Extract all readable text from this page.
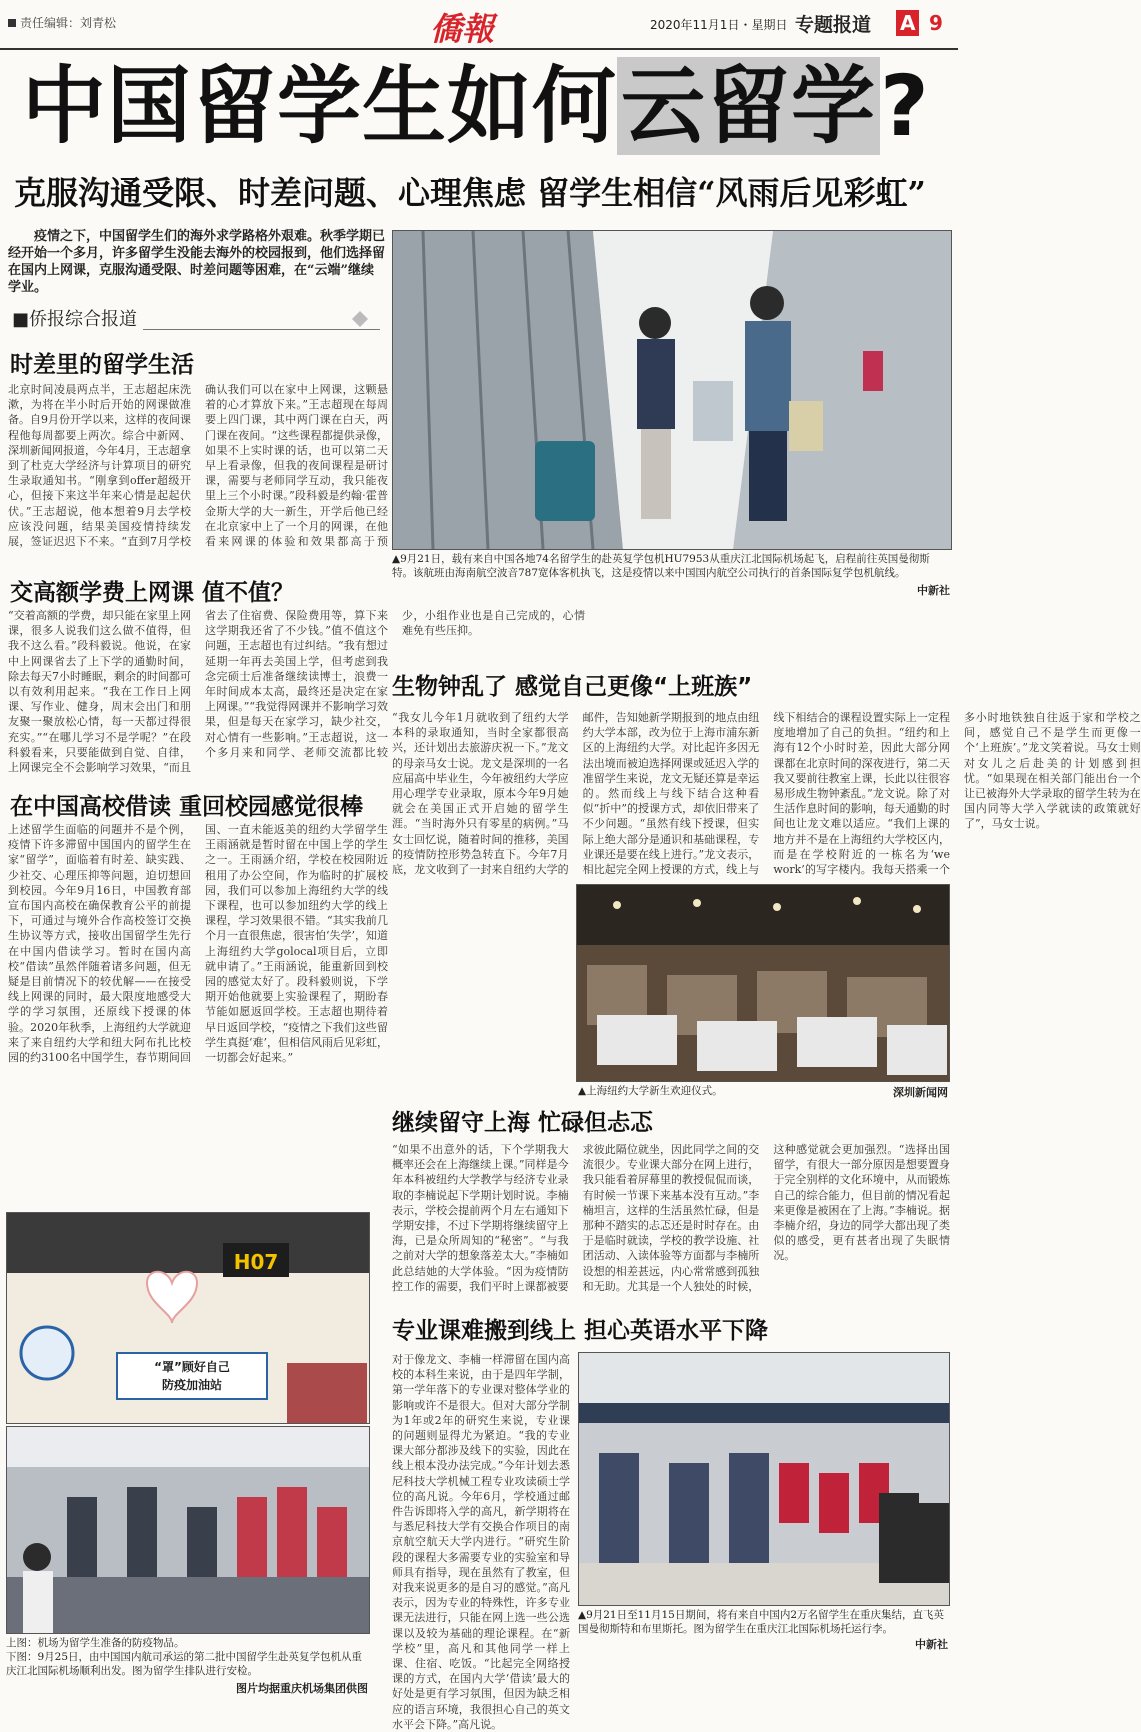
责任编辑：刘青松	僑報	2020年11月1日・星期日 专题报道 A 9
中国留学生如何云留学?
克服沟通受限、时差问题、心理焦虑 留学生相信“风雨后见彩虹”
疫情之下，中国留学生们的海外求学路格外艰难。秋季学期已经开始一个多月，许多留学生没能去海外的校园报到，他们选择留在国内上网课，克服沟通受限、时差问题等困难，在“云端”继续学业。
■侨报综合报道
时差里的留学生活
北京时间凌晨两点半，王志超起床洗漱，为将在半小时后开始的网课做准备。自9月份开学以来，这样的夜间课程他每周都要上两次。综合中新网、深圳新闻网报道，今年4月，王志超拿到了杜克大学经济与计算项目的研究生录取通知书。“刚拿到offer超级开心，但接下来这半年来心情是起起伏伏。”王志超说，他本想着9月去学校应该没问题，结果美国疫情持续发展，签证迟迟下不来。“直到7月学校确认我们可以在家中上网课，这颗悬着的心才算放下来。”王志超现在每周要上四门课，其中两门课在白天，两门课在夜间。“这些课程都提供录像，如果不上实时课的话，也可以第二天早上看录像，但我的夜间课程是研讨课，需要与老师同学互动，我只能夜里上三个小时课。”段科毅是约翰·霍普金斯大学的大一新生，开学后他已经在北京家中上了一个月的网课，在他看来网课的体验和效果都高于预
交高额学费上网课 值不值？
“交着高额的学费，却只能在家里上网课，很多人说我们这么做不值得，但我不这么看。”段科毅说。他说，在家中上网课省去了上下学的通勤时间，除去每天7小时睡眠，剩余的时间都可以有效利用起来。“我在工作日上网课、写作业、健身，周末会出门和朋友聚一聚放松心情，每一天都过得很充实。”“在哪儿学习不是学呢？”在段科毅看来，只要能做到自觉、自律，上网课完全不会影响学习效果，“而且省去了住宿费、保险费用等，算下来这学期我还省了不少钱。”值不值这个问题，王志超也有过纠结。“我有想过延期一年再去美国上学，但考虑到我念完硕士后准备继续读博士，浪费一年时间成本太高，最终还是决定在家上网课。”“我觉得网课并不影响学习效果，但是每天在家学习，缺少社交，对心情有一些影响。”王志超说，这一个多月来和同学、老师交流都比较少，小组作业也是自己完成的，心情难免有些压抑。
在中国高校借读 重回校园感觉很棒
上述留学生面临的问题并不是个例，疫情下许多滞留中国国内的留学生在家“留学”，面临着有时差、缺实践、少社交、心理压抑等问题，迫切想回到校园。今年9月16日，中国教育部宣布国内高校在确保教育公平的前提下，可通过与境外合作高校签订交换生协议等方式，接收出国留学生先行在中国内借读学习。暂时在国内高校“借读”虽然伴随着诸多问题，但无疑是目前情况下的较优解——在接受线上网课的同时，最大限度地感受大学的学习氛围，还原线下授课的体验。2020年秋季，上海纽约大学就迎来了来自纽约大学和纽大阿布扎比校园的约3100名中国学生，春节期间回国、一直未能返美的纽约大学留学生王雨涵就是暂时留在中国上学的学生之一。王雨涵介绍，学校在校园附近租用了办公空间，作为临时的扩展校园，我们可以参加上海纽约大学的线下课程，也可以参加纽约大学的线上课程，学习效果很不错。“其实我前几个月一直很焦虑，很害怕‘失学’，知道上海纽约大学golocal项目后，立即就申请了。”王雨涵说，能重新回到校园的感觉太好了。段科毅则说，下学期开始他就要上实验课程了，期盼春节能如愿返回学校。王志超也期待着早日返回学校，“疫情之下我们这些留学生真挺‘难’，但相信风雨后见彩虹，一切都会好起来。”
▲9月21日，载有来自中国各地74名留学生的赴英复学包机HU7953从重庆江北国际机场起飞，启程前往英国曼彻斯特。该航班由海南航空波音787宽体客机执飞，这是疫情以来中国国内航空公司执行的首条国际复学包机航线。
中新社
生物钟乱了 感觉自己更像“上班族”
“我女儿今年1月就收到了纽约大学本科的录取通知，当时全家都很高兴，还计划出去旅游庆祝一下。”龙文的母亲马女士说。龙文是深圳的一名应届高中毕业生，今年被纽约大学应用心理学专业录取，原本今年9月她就会在美国正式开启她的留学生涯。“当时海外只有零星的病例。”马女士回忆说，随着时间的推移，美国的疫情防控形势急转直下。今年7月底，龙文收到了一封来自纽约大学的邮件，告知她新学期报到的地点由纽约大学本部，改为位于上海市浦东新区的上海纽约大学。对比起许多因无法出境而被迫选择网课或延迟入学的准留学生来说，龙文无疑还算是幸运的。然而线上与线下结合这种看似“折中”的授课方式，却依旧带来了不少问题。“虽然有线下授课，但实际上绝大部分是通识和基础课程，专业课还是要在线上进行。”龙文表示，相比起完全网上授课的方式，线上与线下相结合的课程设置实际上一定程度地增加了自己的负担。“纽约和上海有12个小时时差，因此大部分网课都在北京时间的深夜进行，第二天我又要前往教室上课，长此以往很容易形成生物钟紊乱。”龙文说。除了对生活作息时间的影响，每天通勤的时间也让龙文难以适应。“我们上课的地方并不是在上海纽约大学校区内，而是在学校附近的一栋名为‘we work’的写字楼内。我每天搭乘一个多小时地铁独自往返于家和学校之间，感觉自己不是学生而更像一个‘上班族’。”龙文笑着说。马女士则对女儿之后赴美的计划感到担忧。“如果现在相关部门能出台一个让已被海外大学录取的留学生转为在国内同等大学入学就读的政策就好了”，马女士说。
▲上海纽约大学新生欢迎仪式。	深圳新闻网
继续留守上海 忙碌但忐忑
“如果不出意外的话，下个学期我大概率还会在上海继续上课。”同样是今年本科被纽约大学教学与经济专业录取的李楠说起下学期计划时说。李楠表示，学校会提前两个月左右通知下学期安排，不过下学期将继续留守上海，已是众所周知的“秘密”。“与我之前对大学的想象落差太大。”李楠如此总结她的大学体验。“因为疫情防控工作的需要，我们平时上课都被要求彼此隔位就坐，因此同学之间的交流很少。专业课大部分在网上进行，我只能看着屏幕里的教授侃侃而谈，有时候一节课下来基本没有互动。”李楠坦言，这样的生活虽然忙碌，但是那种不踏实的忐忑还是时时存在。由于是临时就读，学校的教学设施、社团活动、入读体验等方面都与李楠所设想的相差甚远，内心常常感到孤独和无助。尤其是一个人独处的时候，这种感觉就会更加强烈。“选择出国留学，有很大一部分原因是想要置身于完全别样的文化环境中，从而锻炼自己的综合能力，但目前的情况看起来更像是被困在了上海。”李楠说。据李楠介绍，身边的同学大都出现了类似的感受，更有甚者出现了失眠情况。
专业课难搬到线上 担心英语水平下降
对于像龙文、李楠一样滞留在国内高校的本科生来说，由于是四年学制，第一学年落下的专业课对整体学业的影响或许不是很大。但对大部分学制为1年或2年的研究生来说，专业课的问题则显得尤为紧迫。“我的专业课大部分都涉及线下的实验，因此在线上根本没办法完成。”今年计划去悉尼科技大学机械工程专业攻读硕士学位的高凡说。今年6月，学校通过邮件告诉即将入学的高凡，新学期将在与悉尼科技大学有交换合作项目的南京航空航天大学内进行。“研究生阶段的课程大多需要专业的实验室和导师具有指导，现在虽然有了教室，但对我来说更多的是自习的感觉。”高凡表示，因为专业的特殊性，许多专业课无法进行，只能在网上选一些公选课以及较为基础的理论课程。在“新学校”里，高凡和其他同学一样上课、住宿、吃饭。“比起完全网络授课的方式，在国内大学‘借读’最大的好处是更有学习氛围，但因为缺乏相应的语言环境，我很担心自己的英文水平会下降。”高凡说。
▲9月21日至11月15日期间，将有来自中国内2万名留学生在重庆集结，直飞英国曼彻斯特和布里斯托。图为留学生在重庆江北国际机场托运行李。
中新社
H07
“罩”顾好自己
防疫加油站
上图：机场为留学生准备的防疫物品。
下图：9月25日，由中国国内航司承运的第二批中国留学生赴英复学包机从重庆江北国际机场顺利出发。图为留学生排队进行安检。
图片均据重庆机场集团供图
